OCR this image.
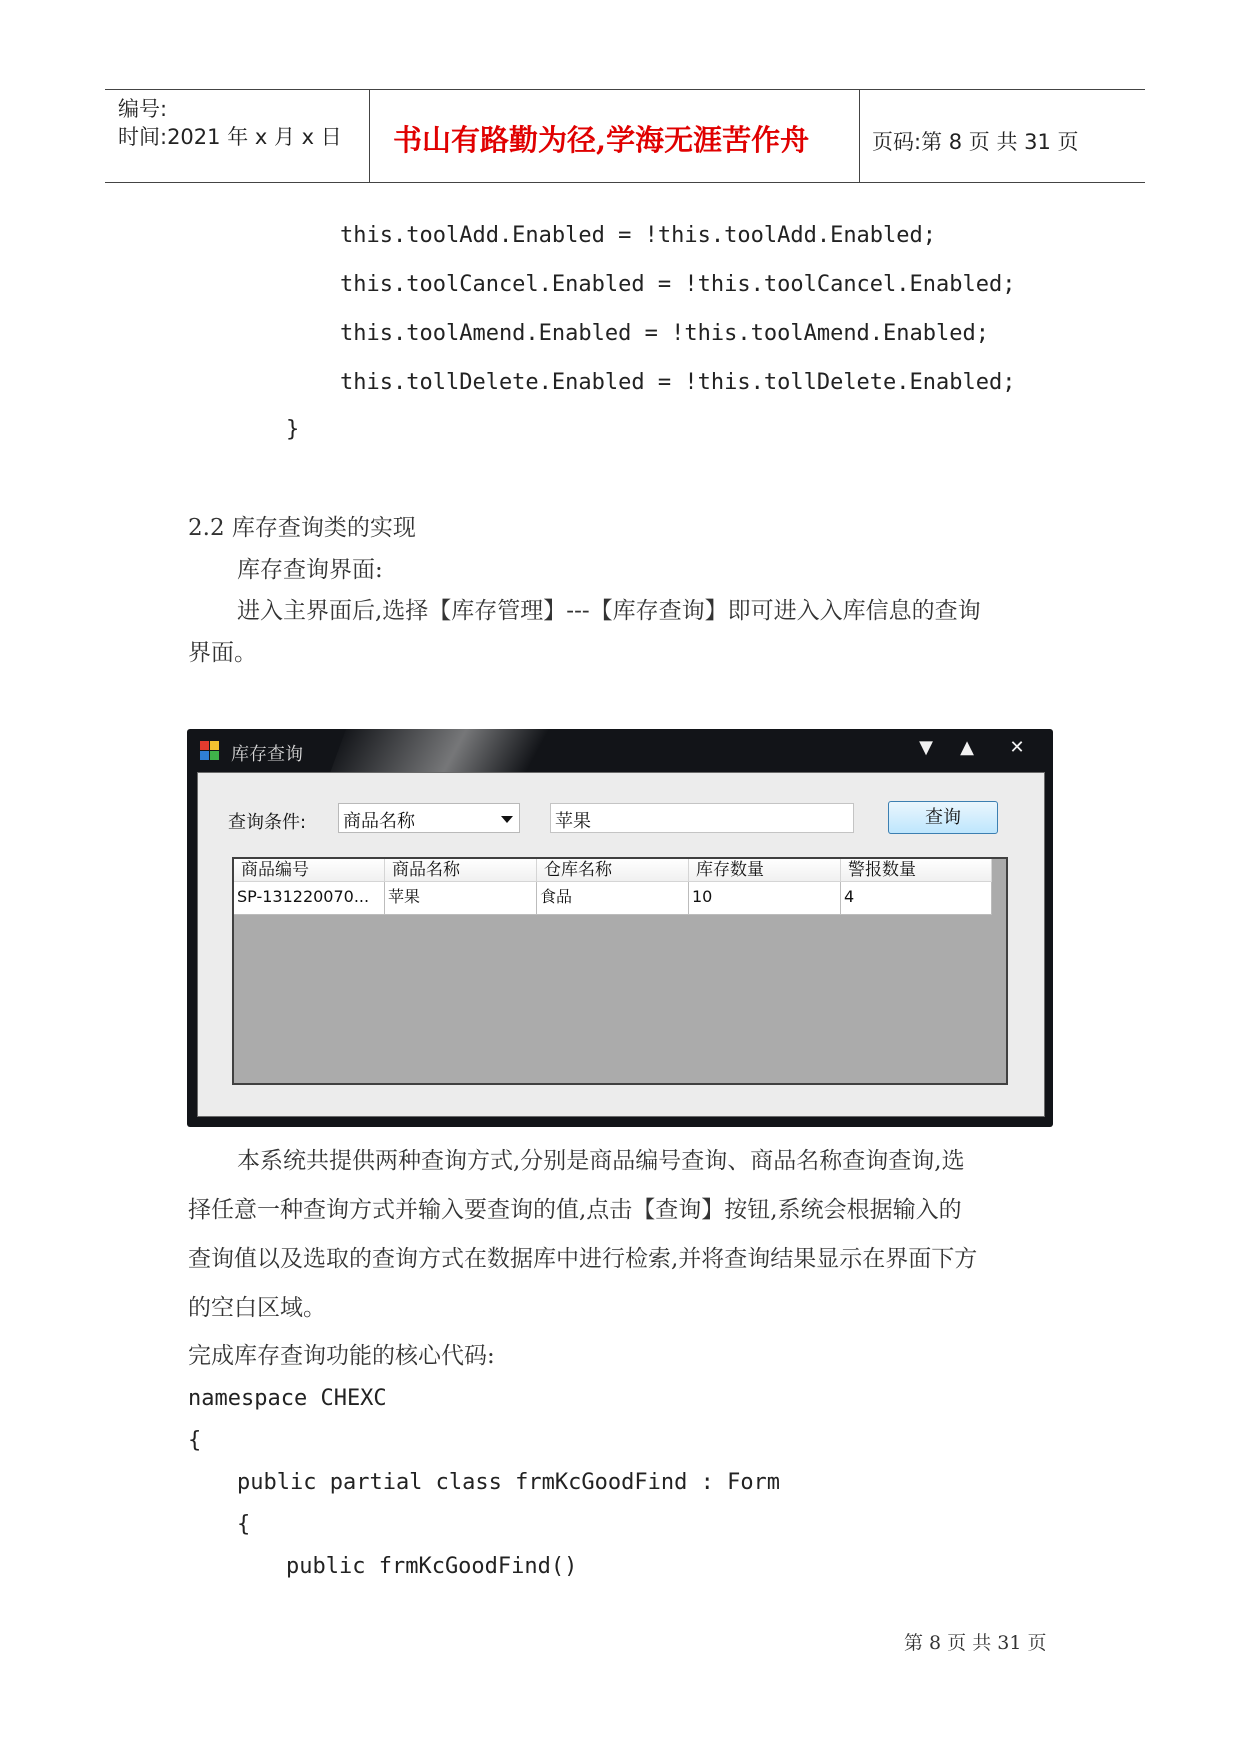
编号:
时间:2021 年 x 月 x 日 书山有路勤为径,学海无涯苦作舟	页码:第 8 页 共 31 页
this.toolAdd.Enabled = !this.toolAdd.Enabled;
this.toolCancel.Enabled = !this.toolCancel.Enabled;
this.toolAmend.Enabled = !this.toolAmend.Enabled;
this.tollDelete.Enabled = !this.tollDelete.Enabled;
}
2.2 库存查询类的实现
库存查询界面:
进入主界面后,选择【库存管理】---【库存查询】即可进入入库信息的查询
界面。
库存查询	▼	▲	✕
查询条件: 商品名称	苹果	查询
商品编号	商品名称	仓库名称	库存数量	警报数量
SP-131220070...	苹果	食品	10	4
本系统共提供两种查询方式,分别是商品编号查询、商品名称查询查询,选
择任意一种查询方式并输入要查询的值,点击【查询】按钮,系统会根据输入的
查询值以及选取的查询方式在数据库中进行检索,并将查询结果显示在界面下方
的空白区域。
完成库存查询功能的核心代码:
namespace CHEXC
{
public partial class frmKcGoodFind : Form
{
public frmKcGoodFind()
第 8 页 共 31 页
